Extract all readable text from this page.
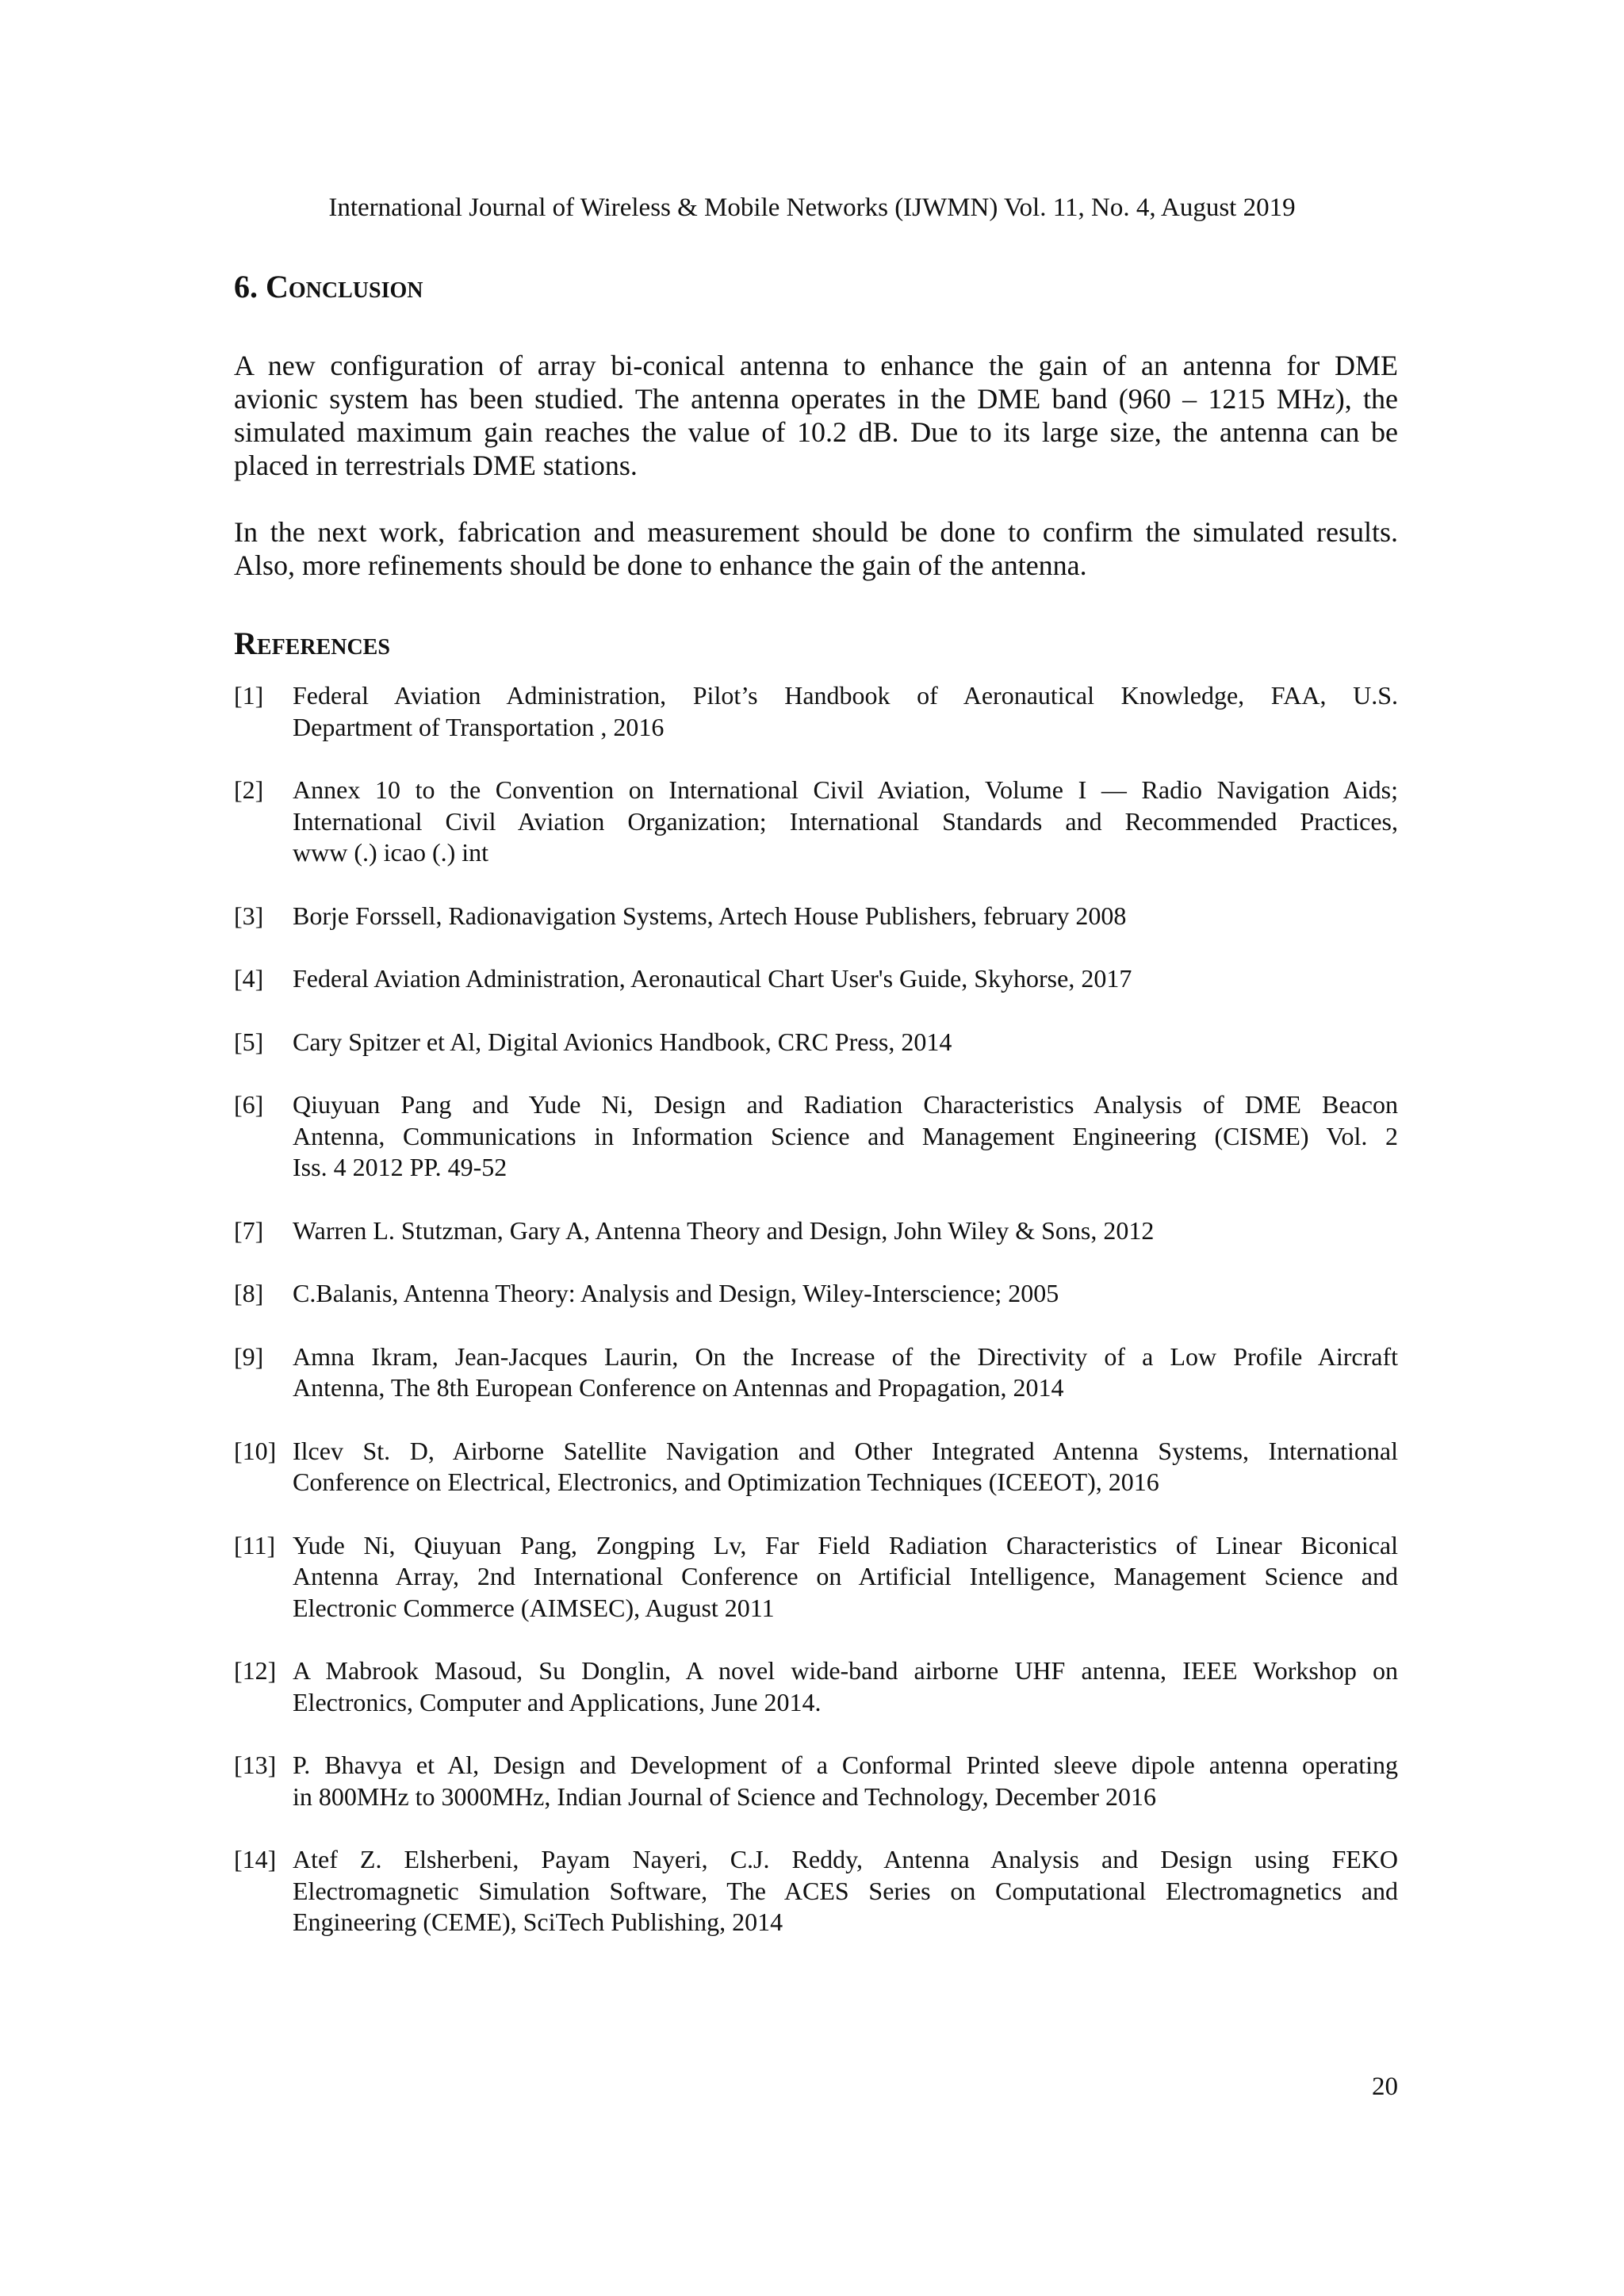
International Journal of Wireless & Mobile Networks (IJWMN) Vol. 11, No. 4, August 2019
6. Conclusion

A new configuration of array bi-conical antenna to enhance the gain of an antenna for DME
avionic system has been studied. The antenna operates in the DME band (960 – 1215 MHz), the
simulated maximum gain reaches the value of 10.2 dB. Due to its large size, the antenna can be
placed in terrestrials DME stations.

In the next work, fabrication and measurement should be done to confirm the simulated results.
Also, more refinements should be done to enhance the gain of the antenna.

References
[1] Federal Aviation Administration, Pilot’s Handbook of Aeronautical Knowledge, FAA, U.S.
Department of Transportation , 2016
[2] Annex 10 to the Convention on International Civil Aviation, Volume I — Radio Navigation Aids;
International Civil Aviation Organization; International Standards and Recommended Practices,
www (.) icao (.) int
[3] Borje Forssell, Radionavigation Systems, Artech House Publishers, february 2008
[4] Federal Aviation Administration, Aeronautical Chart User's Guide, Skyhorse, 2017
[5] Cary Spitzer et Al, Digital Avionics Handbook, CRC Press, 2014
[6] Qiuyuan Pang and Yude Ni, Design and Radiation Characteristics Analysis of DME Beacon
Antenna, Communications in Information Science and Management Engineering (CISME) Vol. 2
Iss. 4 2012 PP. 49-52
[7] Warren L. Stutzman, Gary A, Antenna Theory and Design, John Wiley & Sons, 2012
[8] C.Balanis, Antenna Theory: Analysis and Design, Wiley-Interscience; 2005
[9] Amna Ikram, Jean-Jacques Laurin, On the Increase of the Directivity of a Low Profile Aircraft
Antenna, The 8th European Conference on Antennas and Propagation, 2014
[10] Ilcev St. D, Airborne Satellite Navigation and Other Integrated Antenna Systems, International
Conference on Electrical, Electronics, and Optimization Techniques (ICEEOT), 2016
[11] Yude Ni, Qiuyuan Pang, Zongping Lv, Far Field Radiation Characteristics of Linear Biconical
Antenna Array, 2nd International Conference on Artificial Intelligence, Management Science and
Electronic Commerce (AIMSEC), August 2011
[12] A Mabrook Masoud, Su Donglin, A novel wide-band airborne UHF antenna, IEEE Workshop on
Electronics, Computer and Applications, June 2014.
[13] P. Bhavya et Al, Design and Development of a Conformal Printed sleeve dipole antenna operating
in 800MHz to 3000MHz, Indian Journal of Science and Technology, December 2016
[14] Atef Z. Elsherbeni, Payam Nayeri, C.J. Reddy, Antenna Analysis and Design using FEKO
Electromagnetic Simulation Software, The ACES Series on Computational Electromagnetics and
Engineering (CEME), SciTech Publishing, 2014
20
